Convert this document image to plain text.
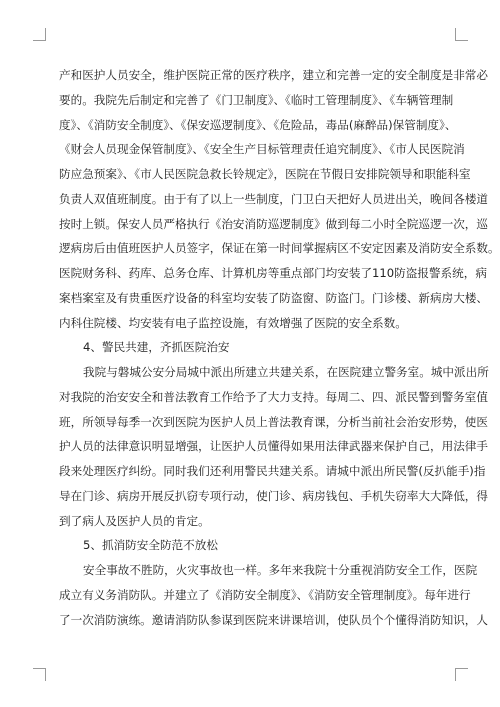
产和医护人员安全，维护医院正常的医疗秩序，建立和完善一定的安全制度是非常必
要的。我院先后制定和完善了《门卫制度》、《临时工管理制度》、《车辆管理制
度》、《消防安全制度》、《保安巡逻制度》、《危险品，毒品(麻醉品)保管制度》、
《财会人员现金保管制度》、《安全生产目标管理责任追究制度》、《市人民医院消
防应急预案》、《市人民医院急救长铃规定》，医院在节假日安排院领导和职能科室
负责人双值班制度。由于有了以上一些制度，门卫白天把好人员进出关，晚间各楼道
按时上锁。保安人员严格执行《治安消防巡逻制度》做到每二小时全院巡逻一次，巡
逻病房后由值班医护人员签字，保证在第一时间掌握病区不安定因素及消防安全系数。
医院财务科、药库、总务仓库、计算机房等重点部门均安装了110防盗报警系统，病
案档案室及有贵重医疗设备的科室均安装了防盗窗、防盗门。门诊楼、新病房大楼、
内科住院楼、均安装有电子监控设施，有效增强了医院的安全系数。
4、警民共建，齐抓医院治安
我院与磐城公安分局城中派出所建立共建关系，在医院建立警务室。城中派出所
对我院的治安安全和普法教育工作给予了大力支持。每周二、四、派民警到警务室值
班，所领导每季一次到医院为医护人员上普法教育课，分析当前社会治安形势，使医
护人员的法律意识明显增强，让医护人员懂得如果用法律武器来保护自己，用法律手
段来处理医疗纠纷。同时我们还利用警民共建关系。请城中派出所民警(反扒能手)指
导在门诊、病房开展反扒窃专项行动，使门诊、病房钱包、手机失窃率大大降低，得
到了病人及医护人员的肯定。
5、抓消防安全防范不放松
安全事故不胜防，火灾事故也一样。多年来我院十分重视消防安全工作，医院
成立有义务消防队。并建立了《消防安全制度》、《消防安全管理制度》。每年进行
了一次消防演练。邀请消防队参谋到医院来讲课培训，使队员个个懂得消防知识，人
